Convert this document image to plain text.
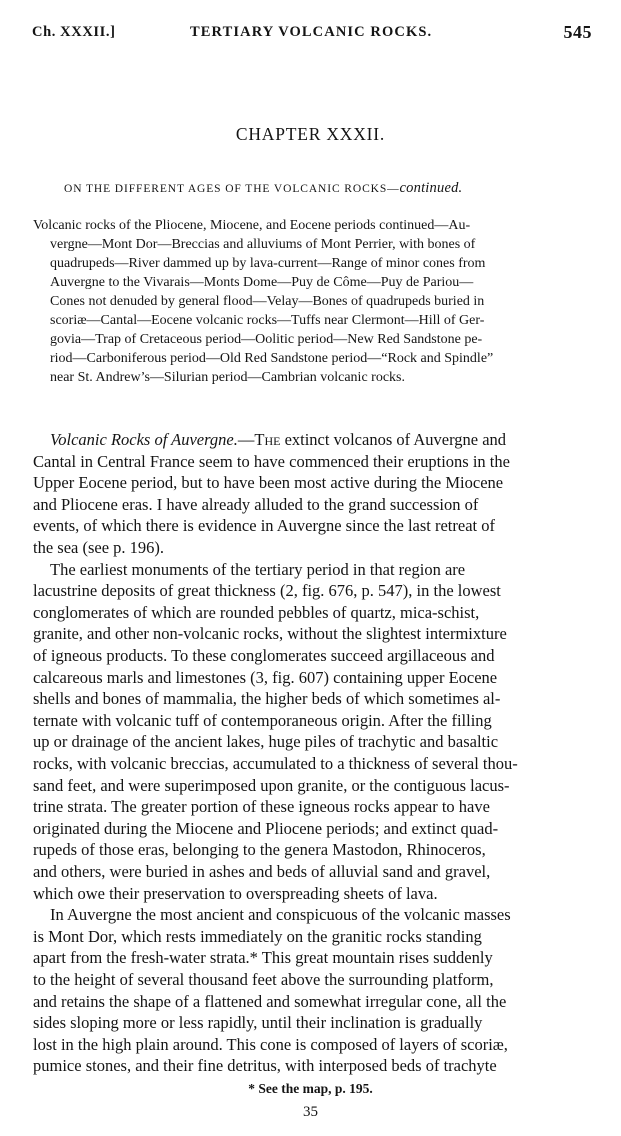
Ch. XXXII.]	TERTIARY VOLCANIC ROCKS.	545
CHAPTER XXXII.
ON THE DIFFERENT AGES OF THE VOLCANIC ROCKS—continued.
Volcanic rocks of the Pliocene, Miocene, and Eocene periods continued—Au-
vergne—Mont Dor—Breccias and alluviums of Mont Perrier, with bones of
quadrupeds—River dammed up by lava-current—Range of minor cones from
Auvergne to the Vivarais—Monts Dome—Puy de Côme—Puy de Pariou—
Cones not denuded by general flood—Velay—Bones of quadrupeds buried in
scoriæ—Cantal—Eocene volcanic rocks—Tuffs near Clermont—Hill of Ger-
govia—Trap of Cretaceous period—Oolitic period—New Red Sandstone pe-
riod—Carboniferous period—Old Red Sandstone period—“Rock and Spindle”
near St. Andrew’s—Silurian period—Cambrian volcanic rocks.
Volcanic Rocks of Auvergne.—The extinct volcanos of Auvergne and
Cantal in Central France seem to have commenced their eruptions in the
Upper Eocene period, but to have been most active during the Miocene
and Pliocene eras. I have already alluded to the grand succession of
events, of which there is evidence in Auvergne since the last retreat of
the sea (see p. 196).
The earliest monuments of the tertiary period in that region are
lacustrine deposits of great thickness (2, fig. 676, p. 547), in the lowest
conglomerates of which are rounded pebbles of quartz, mica-schist,
granite, and other non-volcanic rocks, without the slightest intermixture
of igneous products. To these conglomerates succeed argillaceous and
calcareous marls and limestones (3, fig. 607) containing upper Eocene
shells and bones of mammalia, the higher beds of which sometimes al-
ternate with volcanic tuff of contemporaneous origin. After the filling
up or drainage of the ancient lakes, huge piles of trachytic and basaltic
rocks, with volcanic breccias, accumulated to a thickness of several thou-
sand feet, and were superimposed upon granite, or the contiguous lacus-
trine strata. The greater portion of these igneous rocks appear to have
originated during the Miocene and Pliocene periods; and extinct quad-
rupeds of those eras, belonging to the genera Mastodon, Rhinoceros,
and others, were buried in ashes and beds of alluvial sand and gravel,
which owe their preservation to overspreading sheets of lava.
In Auvergne the most ancient and conspicuous of the volcanic masses
is Mont Dor, which rests immediately on the granitic rocks standing
apart from the fresh-water strata.* This great mountain rises suddenly
to the height of several thousand feet above the surrounding platform,
and retains the shape of a flattened and somewhat irregular cone, all the
sides sloping more or less rapidly, until their inclination is gradually
lost in the high plain around. This cone is composed of layers of scoriæ,
pumice stones, and their fine detritus, with interposed beds of trachyte
* See the map, p. 195.
35
